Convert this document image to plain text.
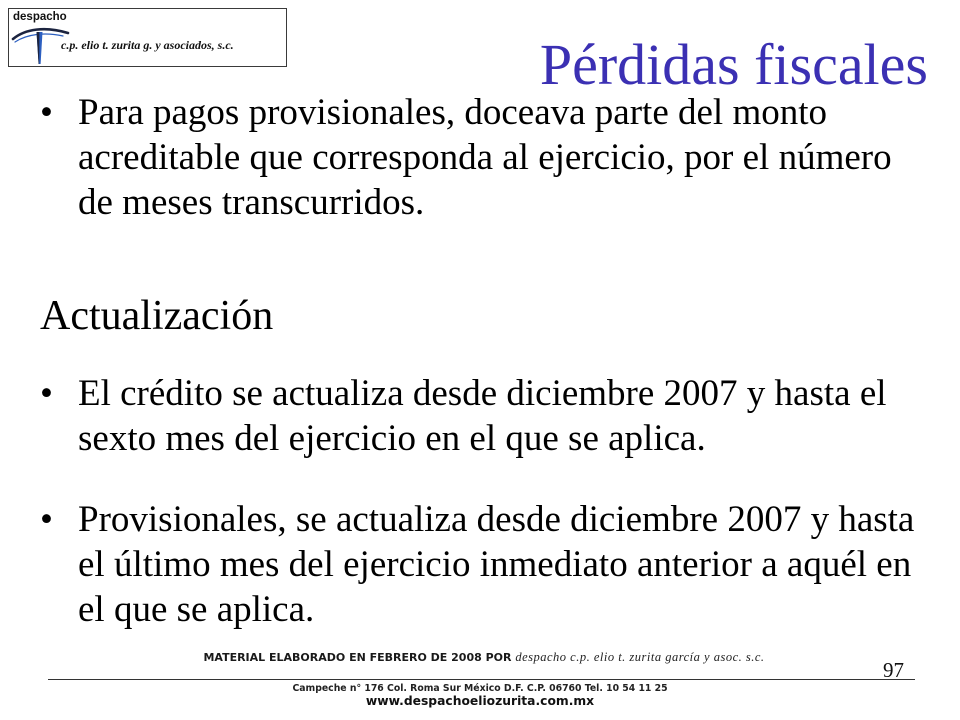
despacho
c.p. elio t. zurita g. y asociados, s.c.	Pérdidas fiscales
• Para pagos provisionales, doceava parte del monto
acreditable que corresponda al ejercicio, por el número
de meses transcurridos.
Actualización
• El crédito se actualiza desde diciembre 2007 y hasta el
sexto mes del ejercicio en el que se aplica.
• Provisionales, se actualiza desde diciembre 2007 y hasta
el último mes del ejercicio inmediato anterior a aquél en
el que se aplica.
MATERIAL ELABORADO EN FEBRERO DE 2008 POR despacho c.p. elio t. zurita garcía y asoc. s.c.
97
Campeche n° 176 Col. Roma Sur México D.F. C.P. 06760 Tel. 10 54 11 25
www.despachoeliozurita.com.mx
